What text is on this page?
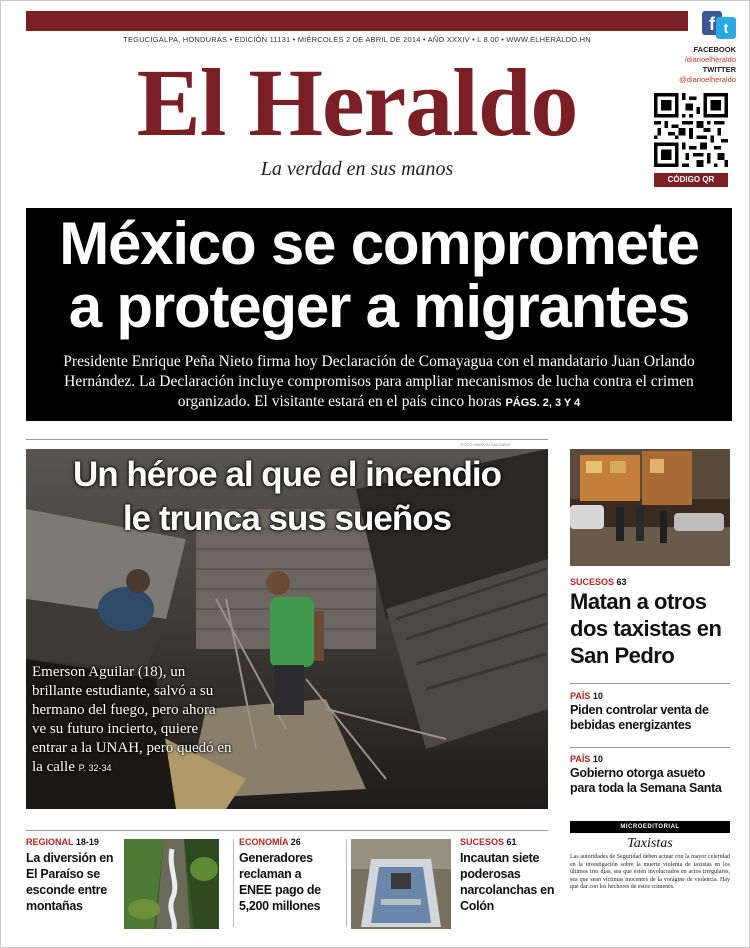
TEGUCIGALPA, HONDURAS • EDICIÓN 11131 • MIÉRCOLES 2 DE ABRIL DE 2014 • AÑO XXXIV • L 8.00 • WWW.ELHERALDO.HN
El Heraldo
La verdad en sus manos
f t
FACEBOOK
/diarioelheraldo
TWITTER
@diarioelheraldo
CÓDIGO QR
México se compromete
a proteger a migrantes
Presidente Enrique Peña Nieto firma hoy Declaración de Comayagua con el mandatario Juan Orlando Hernández. La Declaración incluye compromisos para ampliar mecanismos de lucha contra el crimen organizado. El visitante estará en el país cinco horas PÁGS. 2, 3 Y 4
FOTO: MARVIN SALGADO
Un héroe al que el incendio
le trunca sus sueños
Emerson Aguilar (18), un brillante estudiante, salvó a su hermano del fuego, pero ahora ve su futuro incierto, quiere entrar a la UNAH, pero quedó en la calle P. 32-34
SUCESOS 63
Matan a otros dos taxistas en San Pedro
PAÍS 10
Piden controlar venta de bebidas energizantes
PAÍS 10
Gobierno otorga asueto para toda la Semana Santa
MICROEDITORIAL
Taxistas
Las autoridades de Seguridad deben actuar con la mayor celeridad en la investigación sobre la muerte violenta de taxistas en los últimos tres días, sea que estén involucrados en actos irregulares, sea que sean víctimas inocentes de la vorágine de violencia. Hay que dar con los hechores de estos crímenes.
REGIONAL 18-19
La diversión en El Paraíso se esconde entre montañas
ECONOMÍA 26
Generadores reclaman a ENEE pago de 5,200 millones
SUCESOS 61
Incautan siete poderosas narcolanchas en Colón
